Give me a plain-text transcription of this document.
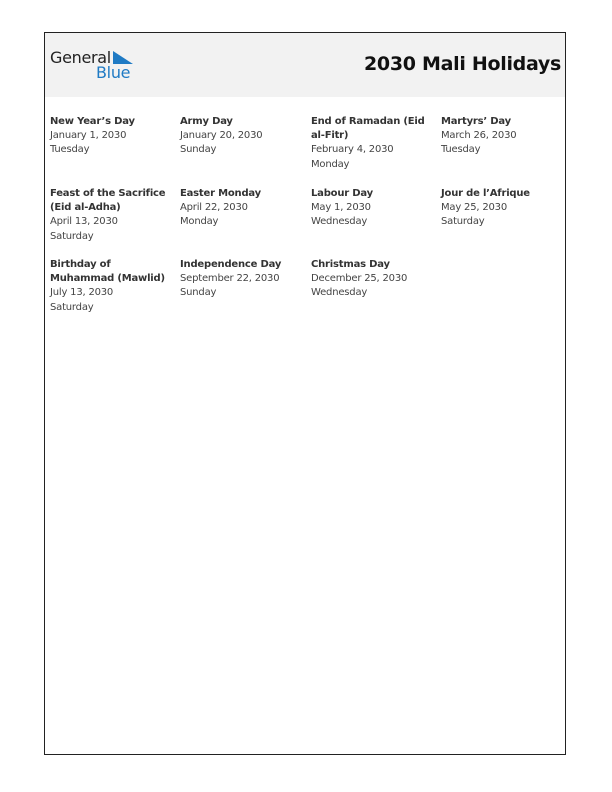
General
Blue	2030 Mali Holidays
New Year’s Day
January 1, 2030
Tuesday
Army Day
January 20, 2030
Sunday
End of Ramadan (Eid al-Fitr)
February 4, 2030
Monday
Martyrs’ Day
March 26, 2030
Tuesday
Feast of the Sacrifice (Eid al-Adha)
April 13, 2030
Saturday
Easter Monday
April 22, 2030
Monday
Labour Day
May 1, 2030
Wednesday
Jour de l’Afrique
May 25, 2030
Saturday
Birthday of Muhammad (Mawlid)
July 13, 2030
Saturday
Independence Day
September 22, 2030
Sunday
Christmas Day
December 25, 2030
Wednesday
